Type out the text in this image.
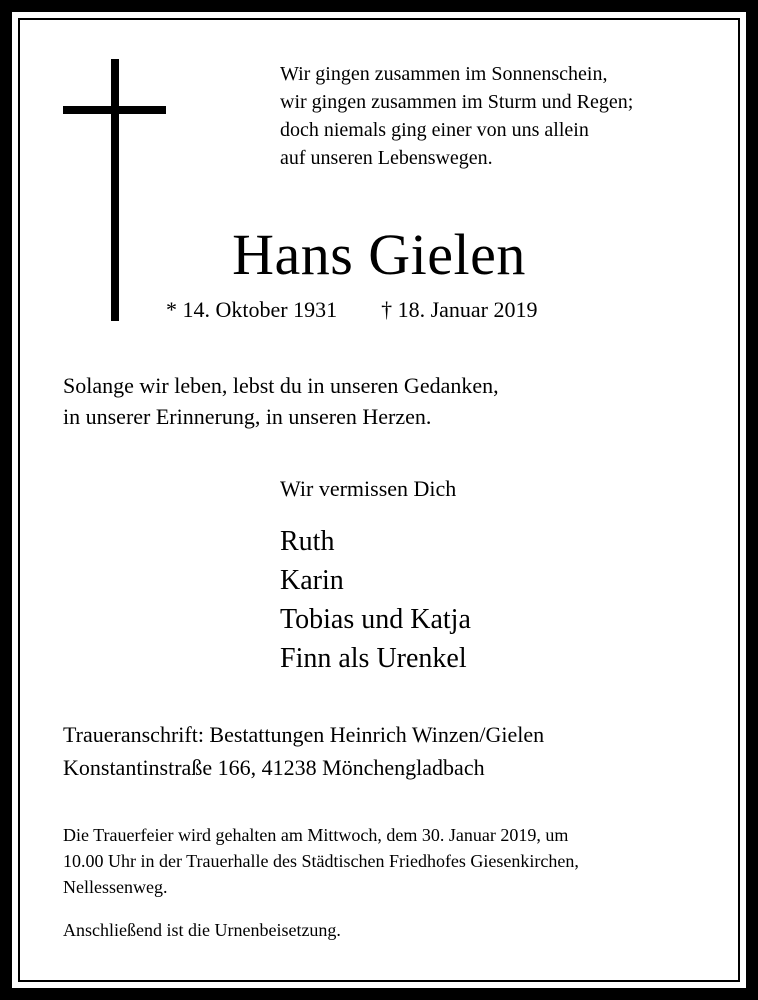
Wir gingen zusammen im Sonnenschein,
wir gingen zusammen im Sturm und Regen;
doch niemals ging einer von uns allein
auf unseren Lebenswegen.
Hans Gielen
* 14. Oktober 1931 † 18. Januar 2019
Solange wir leben, lebst du in unseren Gedanken,
in unserer Erinnerung, in unseren Herzen.
Wir vermissen Dich
Ruth
Karin
Tobias und Katja
Finn als Urenkel
Traueranschrift: Bestattungen Heinrich Winzen/Gielen
Konstantinstraße 166, 41238 Mönchengladbach
Die Trauerfeier wird gehalten am Mittwoch, dem 30. Januar 2019, um
10.00 Uhr in der Trauerhalle des Städtischen Friedhofes Giesenkirchen,
Nellessenweg.
Anschließend ist die Urnenbeisetzung.
